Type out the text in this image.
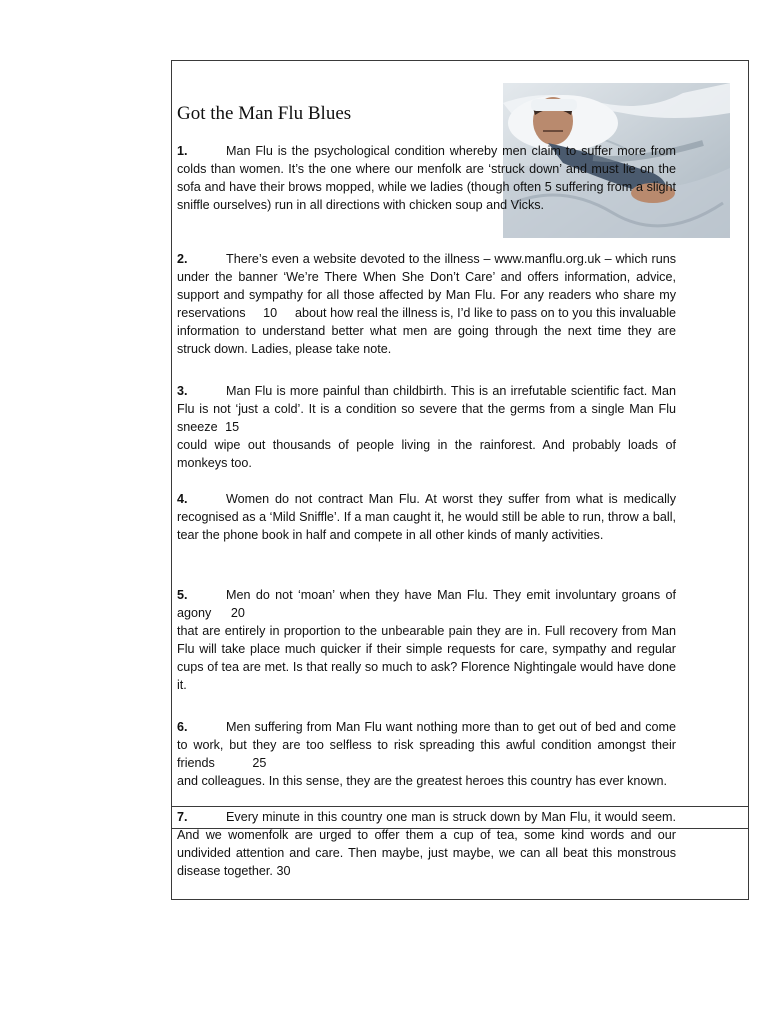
Got the Man Flu Blues

1.	Man Flu is the psychological condition whereby men claim to suffer more from colds than women. It’s the one where our menfolk are ‘struck down’ and must lie on the sofa and have their brows mopped, while we ladies (though often 5 suffering from a slight sniffle ourselves) run in all directions with chicken soup and Vicks.

2.	There’s even a website devoted to the illness – www.manflu.org.uk – which runs under the banner ‘We’re There When She Don’t Care’ and offers information, advice, support and sympathy for all those affected by Man Flu. For any readers who share my reservations 10 about how real the illness is, I’d like to pass on to you this invaluable information to understand better what men are going through the next time they are struck down. Ladies, please take note.

3.	Man Flu is more painful than childbirth. This is an irrefutable scientific fact. Man Flu is not ‘just a cold’. It is a condition so severe that the germs from a single Man Flu sneeze 15
could wipe out thousands of people living in the rainforest. And probably loads of monkeys too.

4.	Women do not contract Man Flu. At worst they suffer from what is medically recognised as a ‘Mild Sniffle’. If a man caught it, he would still be able to run, throw a ball, tear the phone book in half and compete in all other kinds of manly activities.

5.	Men do not ‘moan’ when they have Man Flu. They emit involuntary groans of agony 20
that are entirely in proportion to the unbearable pain they are in. Full recovery from Man Flu will take place much quicker if their simple requests for care, sympathy and regular cups of tea are met. Is that really so much to ask? Florence Nightingale would have done it.
6.	Men suffering from Man Flu want nothing more than to get out of bed and come to work, but they are too selfless to risk spreading this awful condition amongst their friends	25
and colleagues. In this sense, they are the greatest heroes this country has ever known.

7.	Every minute in this country one man is struck down by Man Flu, it would seem. And we womenfolk are urged to offer them a cup of tea, some kind words and our undivided attention and care. Then maybe, just maybe, we can all beat this monstrous disease together. 30
